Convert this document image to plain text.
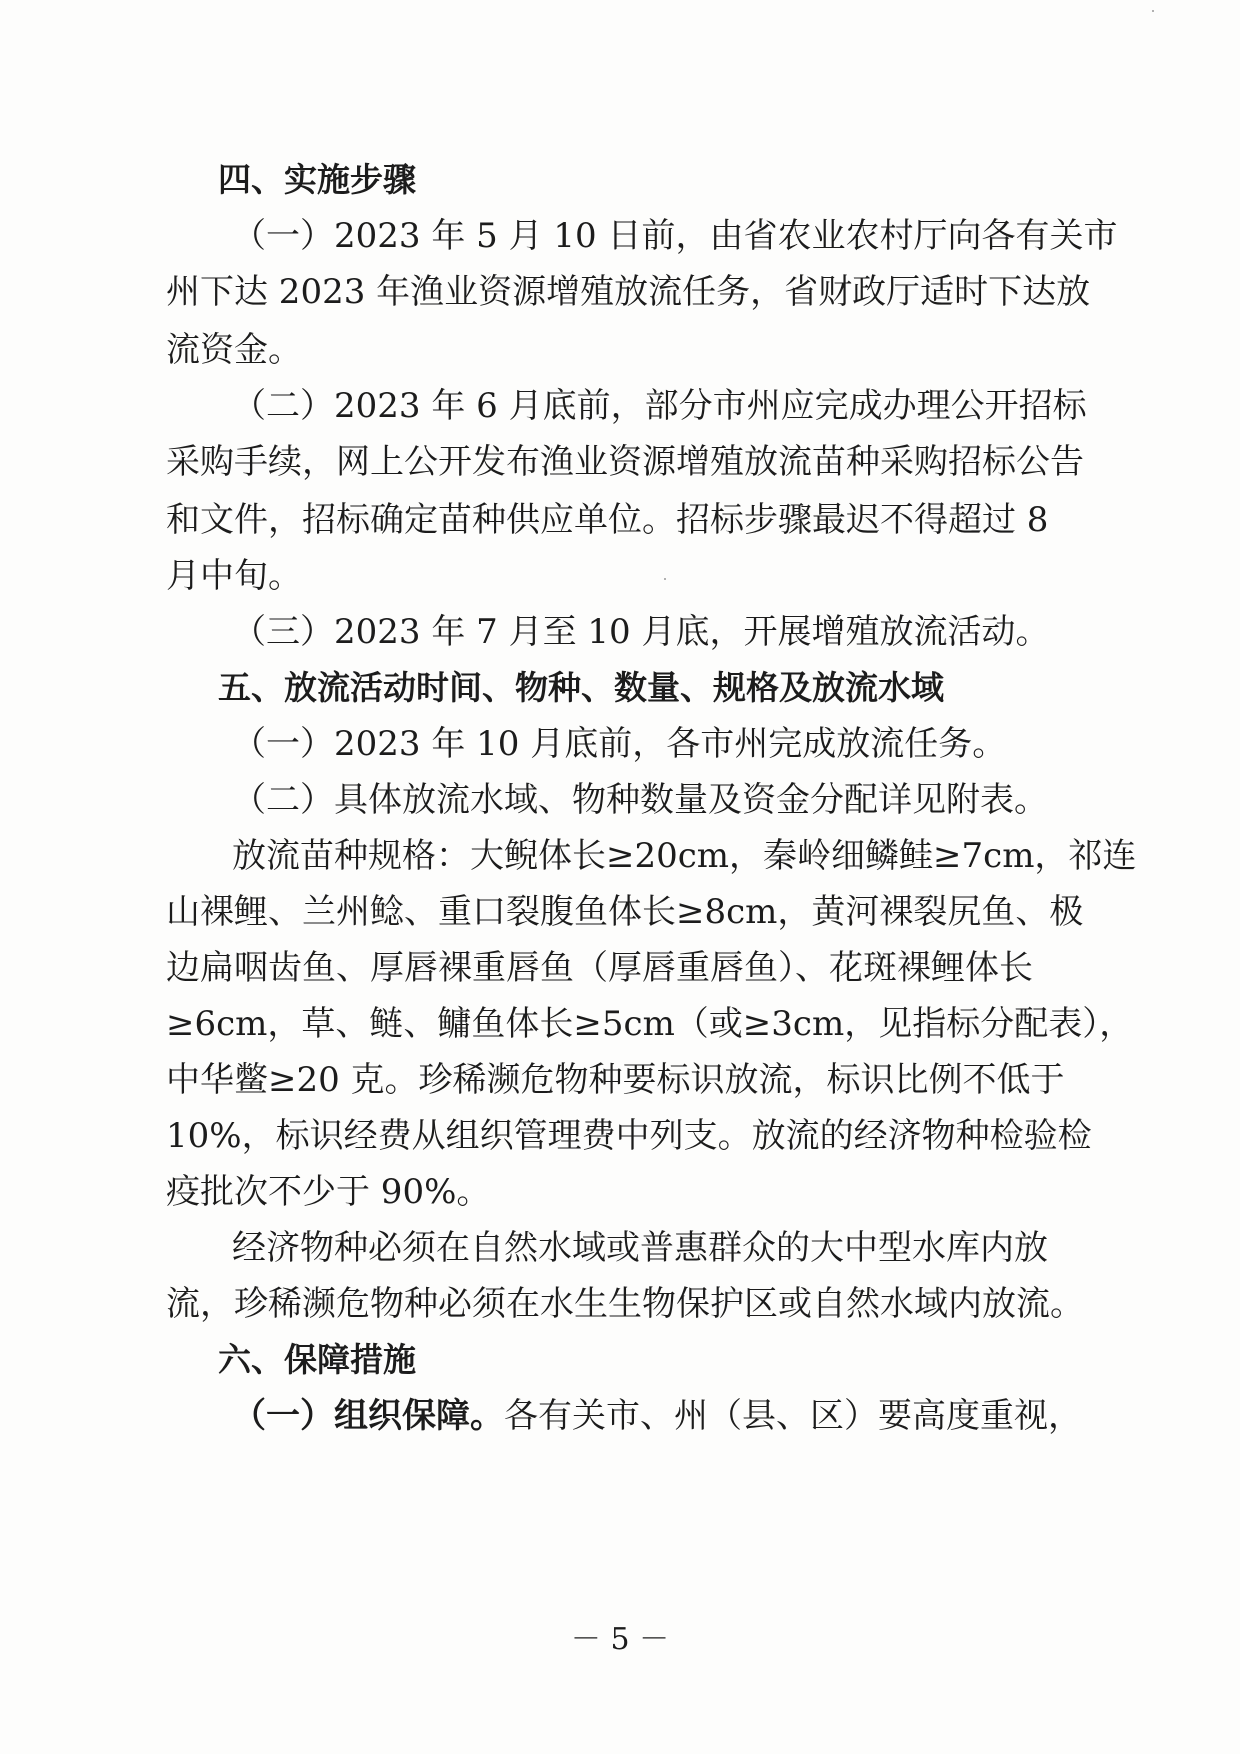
四、实施步骤
（一）2023 年 5 月 10 日前，由省农业农村厅向各有关市
州下达 2023 年渔业资源增殖放流任务，省财政厅适时下达放
流资金。
（二）2023 年 6 月底前，部分市州应完成办理公开招标
采购手续，网上公开发布渔业资源增殖放流苗种采购招标公告
和文件，招标确定苗种供应单位。招标步骤最迟不得超过 8
月中旬。
（三）2023 年 7 月至 10 月底，开展增殖放流活动。
五、放流活动时间、物种、数量、规格及放流水域
（一）2023 年 10 月底前，各市州完成放流任务。
（二）具体放流水域、物种数量及资金分配详见附表。
放流苗种规格：大鲵体长≥20cm，秦岭细鳞鲑≥7cm，祁连
山裸鲤、兰州鲶、重口裂腹鱼体长≥8cm，黄河裸裂尻鱼、极
边扁咽齿鱼、厚唇裸重唇鱼（厚唇重唇鱼）、花斑裸鲤体长
≥6cm，草、鲢、鳙鱼体长≥5cm（或≥3cm，见指标分配表），
中华鳖≥20 克。珍稀濒危物种要标识放流，标识比例不低于
10%，标识经费从组织管理费中列支。放流的经济物种检验检
疫批次不少于 90%。
经济物种必须在自然水域或普惠群众的大中型水库内放
流，珍稀濒危物种必须在水生生物保护区或自然水域内放流。
六、保障措施
（一）组织保障。各有关市、州（县、区）要高度重视，
－ 5 －
